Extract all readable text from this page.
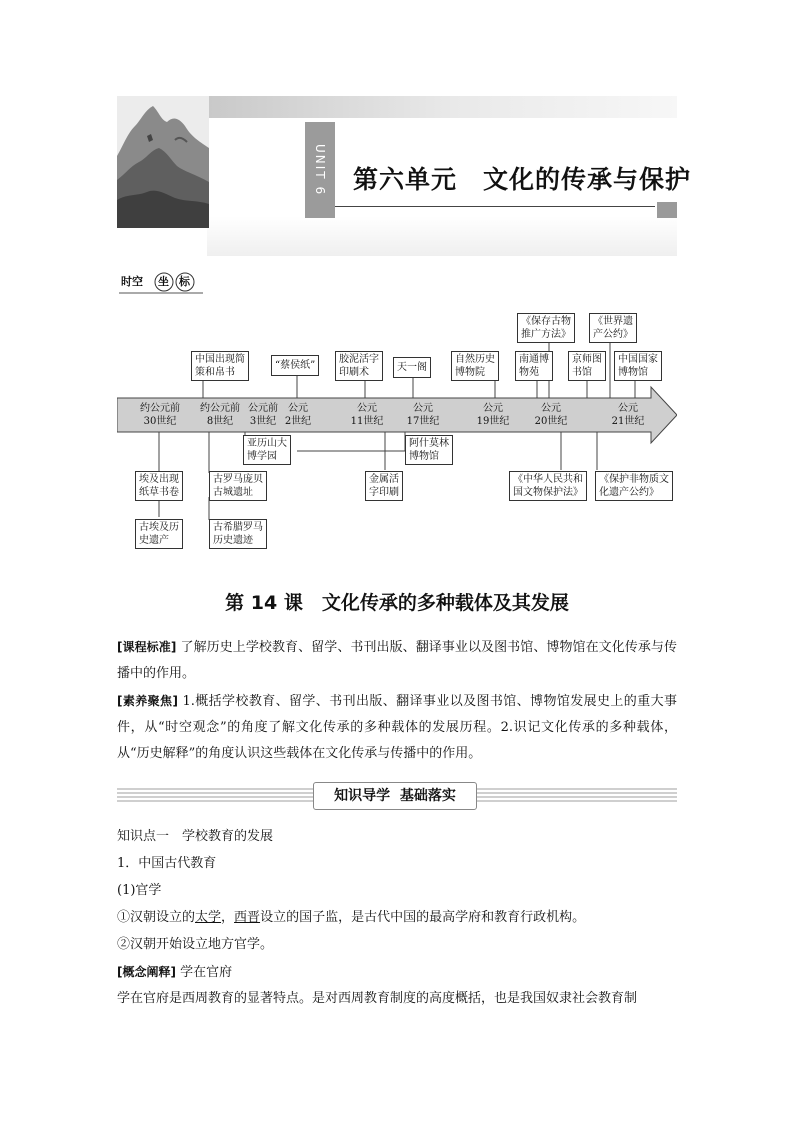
UNIT 6	第六单元　文化的传承与保护
时空 坐 标
约公元前
30世纪
约公元前
8世纪
公元前
3世纪
公元
2世纪
公元
11世纪
公元
17世纪
公元
19世纪
公元
20世纪
公元
21世纪
中国出现简
策和帛书
“蔡侯纸”
胶泥活字
印刷术	天一阁
自然历史
博物院
南通博
物苑
京师图
书馆
中国国家
博物馆
《保存古物
推广方法》
《世界遗
产公约》
埃及出现
纸草书卷
古埃及历
史遗产
古罗马庞贝
古城遗址
古希腊罗马
历史遗迹
亚历山大
博学园
阿什莫林
博物馆
金属活
字印刷
《中华人民共和
国文物保护法》
《保护非物质文
化遗产公约》
第 14 课　文化传承的多种载体及其发展
[课程标准] 了解历史上学校教育、留学、书刊出版、翻译事业以及图书馆、博物馆在文化传承与传播中的作用。
[素养聚焦] 1.概括学校教育、留学、书刊出版、翻译事业以及图书馆、博物馆发展史上的重大事件，从“时空观念”的角度了解文化传承的多种载体的发展历程。2.识记文化传承的多种载体，从“历史解释”的角度认识这些载体在文化传承与传播中的作用。
知识导学  基础落实
知识点一　学校教育的发展
1．中国古代教育
(1)官学
①汉朝设立的太学，西晋设立的国子监，是古代中国的最高学府和教育行政机构。
②汉朝开始设立地方官学。
[概念阐释] 学在官府
学在官府是西周教育的显著特点。是对西周教育制度的高度概括，也是我国奴隶社会教育制
